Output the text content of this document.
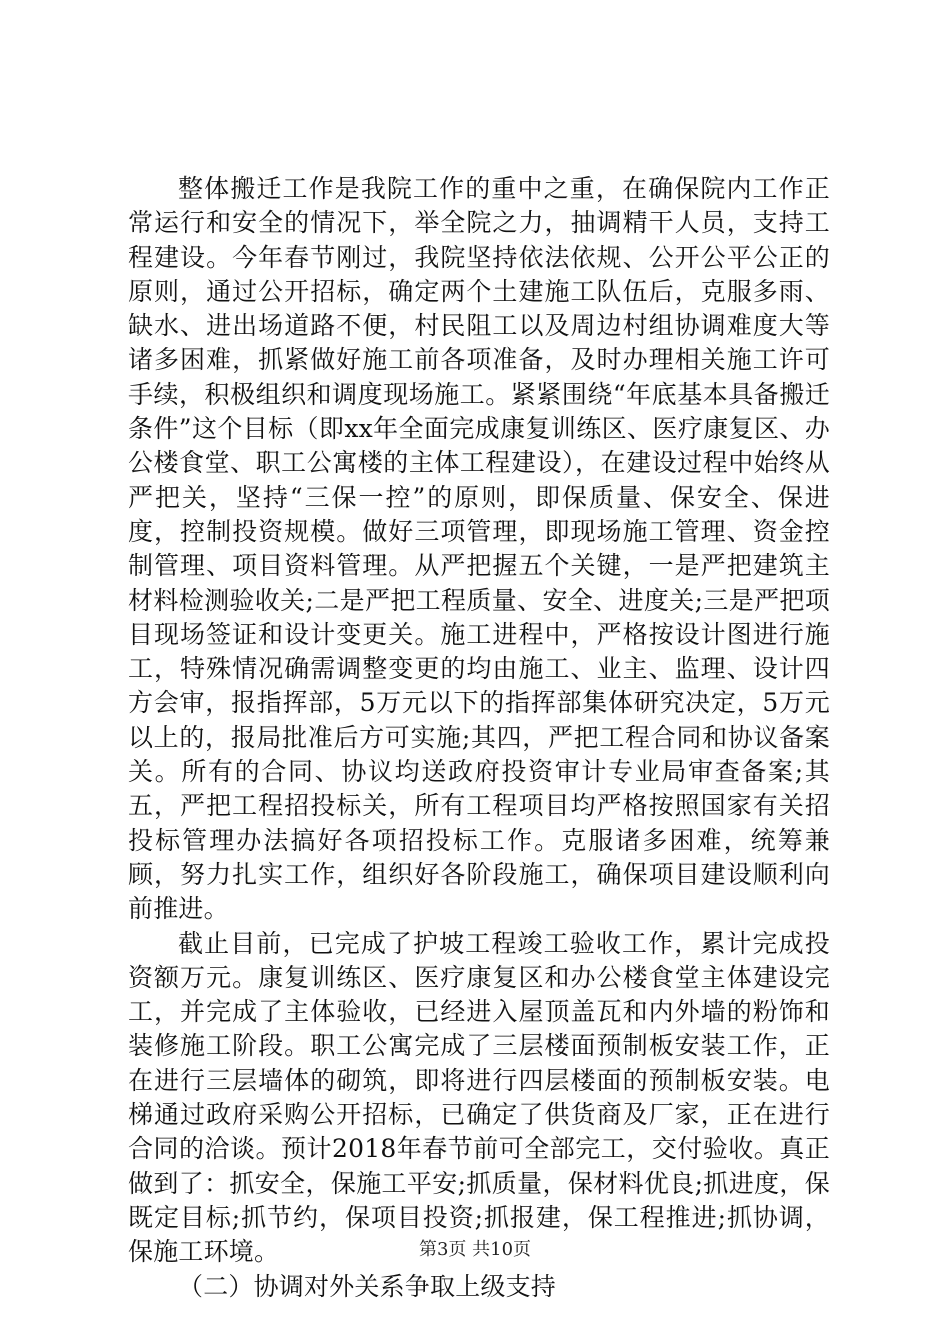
整体搬迁工作是我院工作的重中之重，在确保院内工作正常运行和安全的情况下，举全院之力，抽调精干人员，支持工程建设。今年春节刚过，我院坚持依法依规、公开公平公正的原则，通过公开招标，确定两个土建施工队伍后，克服多雨、缺水、进出场道路不便，村民阻工以及周边村组协调难度大等诸多困难，抓紧做好施工前各项准备，及时办理相关施工许可手续，积极组织和调度现场施工。紧紧围绕“年底基本具备搬迁条件”这个目标（即xx年全面完成康复训练区、医疗康复区、办公楼食堂、职工公寓楼的主体工程建设），在建设过程中始终从严把关，坚持“三保一控”的原则，即保质量、保安全、保进度，控制投资规模。做好三项管理，即现场施工管理、资金控制管理、项目资料管理。从严把握五个关键，一是严把建筑主材料检测验收关;二是严把工程质量、安全、进度关;三是严把项目现场签证和设计变更关。施工进程中，严格按设计图进行施工，特殊情况确需调整变更的均由施工、业主、监理、设计四方会审，报指挥部，5万元以下的指挥部集体研究决定，5万元以上的，报局批准后方可实施;其四，严把工程合同和协议备案关。所有的合同、协议均送政府投资审计专业局审查备案;其五，严把工程招投标关，所有工程项目均严格按照国家有关招投标管理办法搞好各项招投标工作。克服诸多困难，统筹兼顾，努力扎实工作，组织好各阶段施工，确保项目建设顺利向前推进。

截止目前，已完成了护坡工程竣工验收工作，累计完成投资额万元。康复训练区、医疗康复区和办公楼食堂主体建设完工，并完成了主体验收，已经进入屋顶盖瓦和内外墙的粉饰和装修施工阶段。职工公寓完成了三层楼面预制板安装工作，正在进行三层墙体的砌筑，即将进行四层楼面的预制板安装。电梯通过政府采购公开招标，已确定了供货商及厂家，正在进行合同的洽谈。预计2018年春节前可全部完工，交付验收。真正做到了：抓安全，保施工平安;抓质量，保材料优良;抓进度，保既定目标;抓节约，保项目投资;抓报建，保工程推进;抓协调，保施工环境。

（二）协调对外关系争取上级支持

第3页 共10页
